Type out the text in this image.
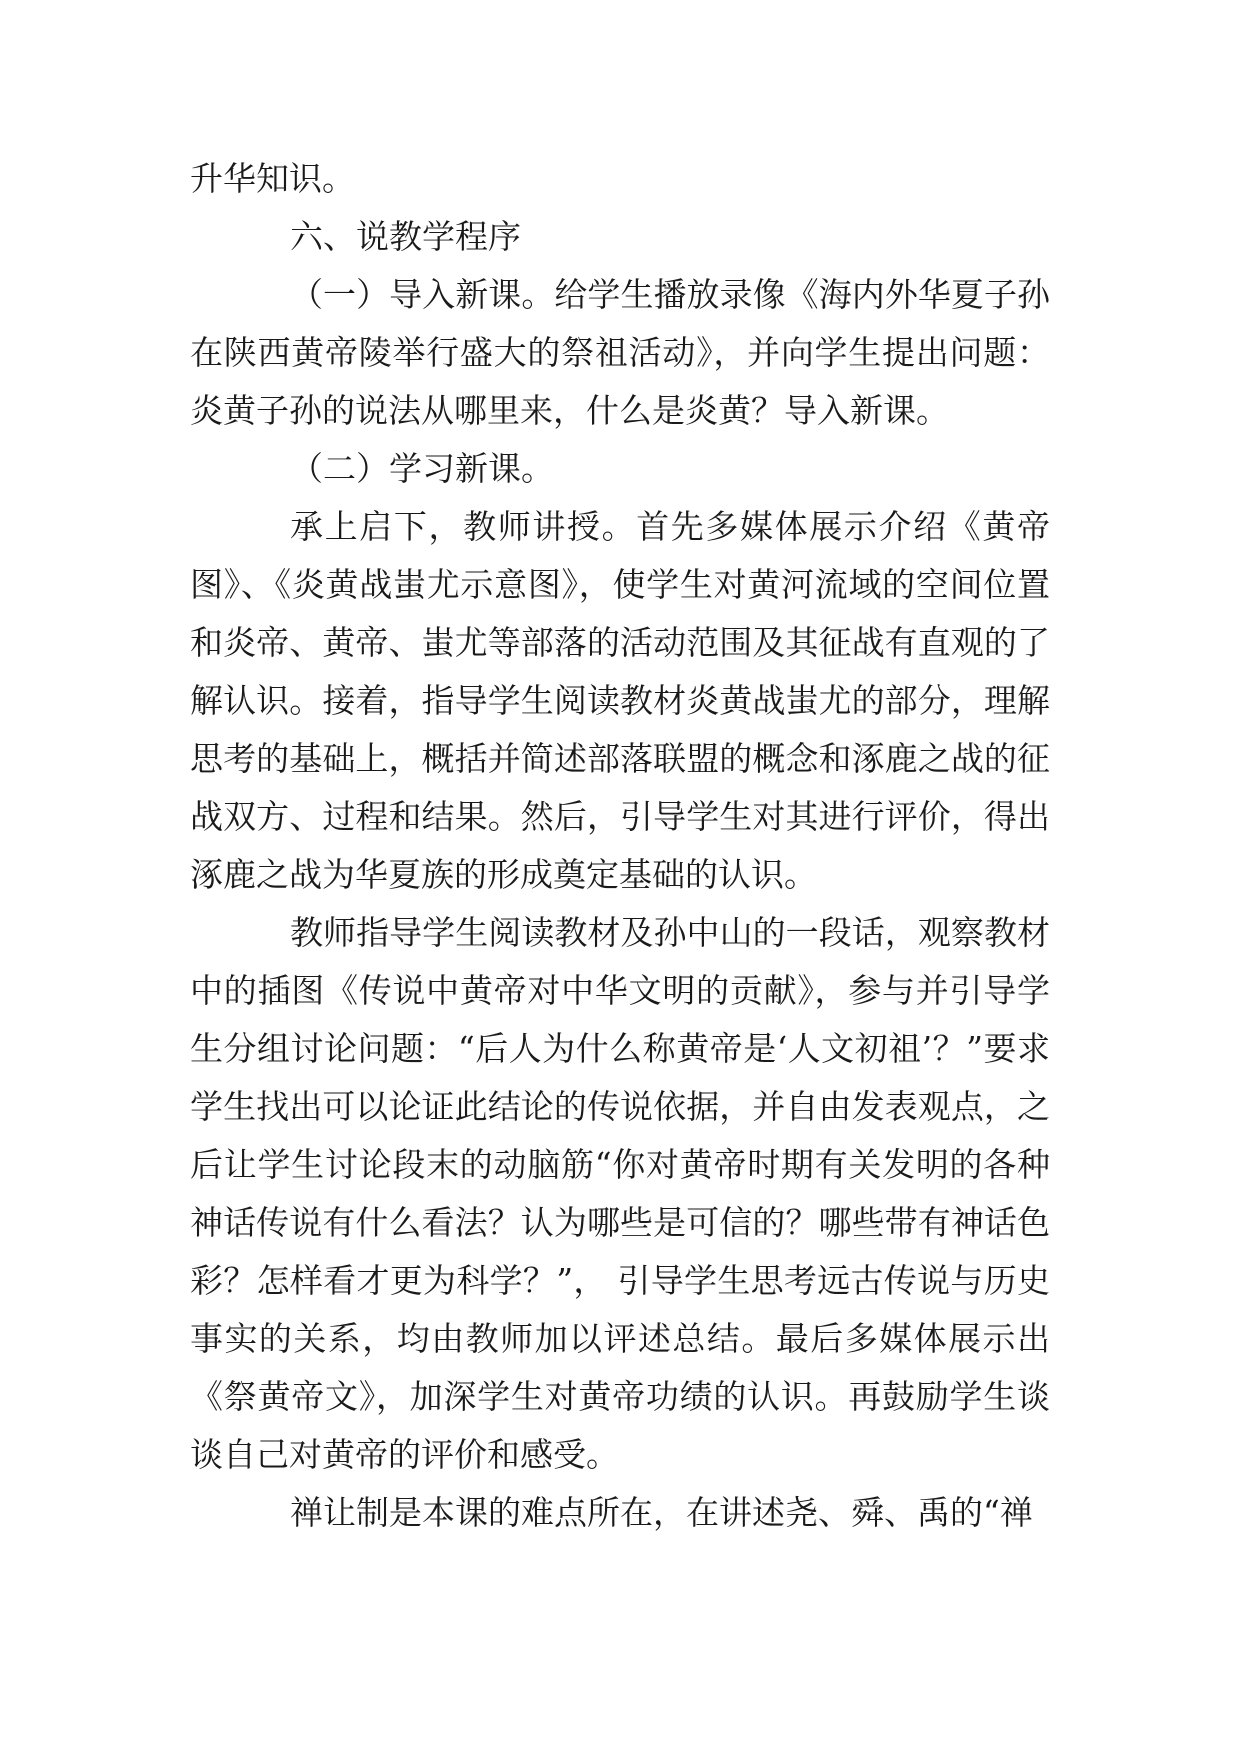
升华知识。

六、说教学程序

（一）导入新课。给学生播放录像《海内外华夏子孙在陕西黄帝陵举行盛大的祭祖活动》，并向学生提出问题：炎黄子孙的说法从哪里来，什么是炎黄？导入新课。

（二）学习新课。

承上启下，教师讲授。首先多媒体展示介绍《黄帝图》、《炎黄战蚩尤示意图》，使学生对黄河流域的空间位置和炎帝、黄帝、蚩尤等部落的活动范围及其征战有直观的了解认识。接着，指导学生阅读教材炎黄战蚩尤的部分，理解思考的基础上，概括并简述部落联盟的概念和涿鹿之战的征战双方、过程和结果。然后，引导学生对其进行评价，得出涿鹿之战为华夏族的形成奠定基础的认识。

教师指导学生阅读教材及孙中山的一段话，观察教材中的插图《传说中黄帝对中华文明的贡献》，参与并引导学生分组讨论问题：“后人为什么称黄帝是‘人文初祖’？”要求学生找出可以论证此结论的传说依据，并自由发表观点，之后让学生讨论段末的动脑筋“你对黄帝时期有关发明的各种神话传说有什么看法？认为哪些是可信的？哪些带有神话色彩？怎样看才更为科学？”， 引导学生思考远古传说与历史事实的关系，均由教师加以评述总结。最后多媒体展示出《祭黄帝文》，加深学生对黄帝功绩的认识。再鼓励学生谈谈自己对黄帝的评价和感受。

禅让制是本课的难点所在，在讲述尧、舜、禹的“禅
